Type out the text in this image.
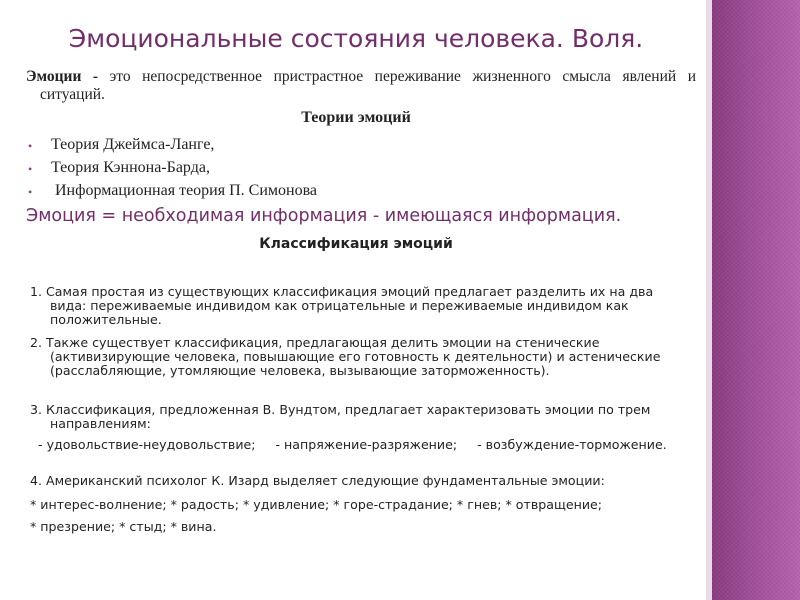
Эмоциональные состояния человека. Воля.
Эмоции - это непосредственное пристрастное переживание жизненного смысла явлений и ситуаций.
Теории эмоций
• Теория Джеймса-Ланге,
• Теория Кэннона-Барда,
• Информационная теория П. Симонова
Эмоция = необходимая информация - имеющаяся информация.
Классификация эмоций
1. Самая простая из существующих классификация эмоций предлагает разделить их на два вида: переживаемые индивидом как отрицательные и переживаемые индивидом как положительные.
2. Также существует классификация, предлагающая делить эмоции на стенические (активизирующие человека, повышающие его готовность к деятельности) и астенические (расслабляющие, утомляющие человека, вызывающие заторможенность).
3. Классификация, предложенная В. Вундтом, предлагает характеризовать эмоции по трем направлениям:
- удовольствие-неудовольствие;     - напряжение-разряжение;     - возбуждение-торможение.
4. Американский психолог К. Изард выделяет следующие фундаментальные эмоции:
* интерес-волнение; * радость; * удивление; * горе-страдание; * гнев; * отвращение;
* презрение; * стыд; * вина.
